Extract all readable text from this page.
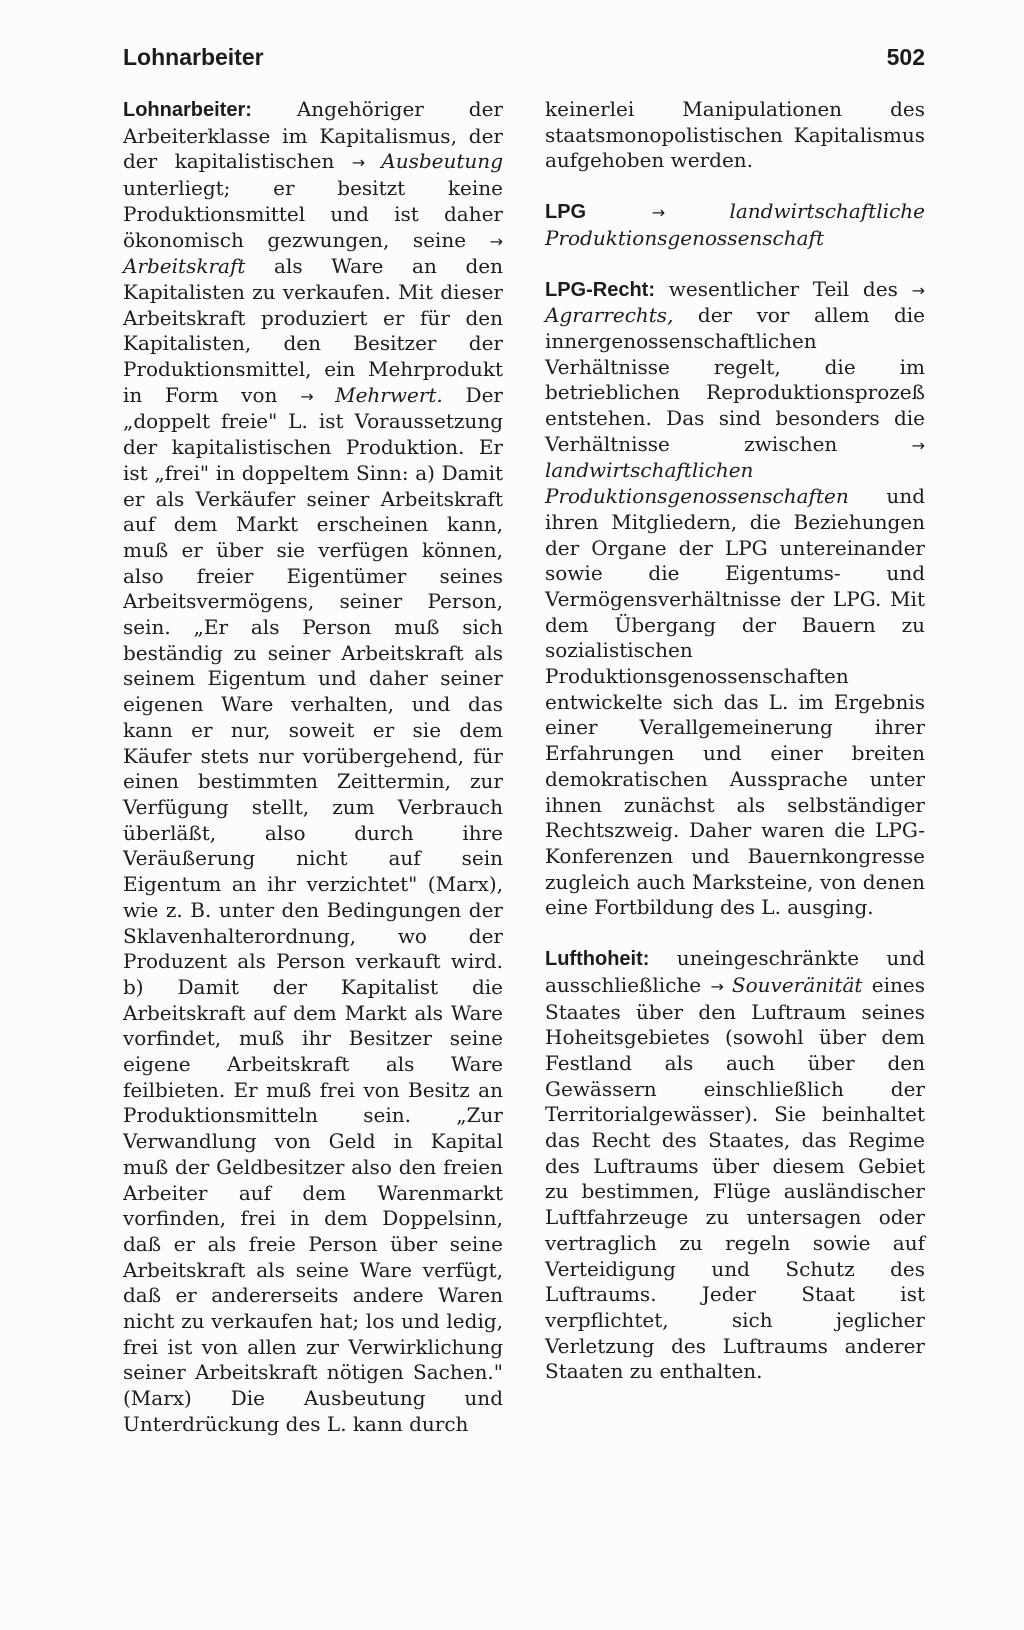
Lohnarbeiter	502

Lohnarbeiter: Angehöriger der Arbeiterklasse im Kapitalismus, der der kapitalistischen → Ausbeutung unterliegt; er besitzt keine Produktionsmittel und ist daher ökonomisch gezwungen, seine → Arbeitskraft als Ware an den Kapitalisten zu verkaufen. Mit dieser Arbeitskraft produziert er für den Kapitalisten, den Besitzer der Produktionsmittel, ein Mehrprodukt in Form von → Mehrwert. Der „doppelt freie" L. ist Voraussetzung der kapitalistischen Produktion. Er ist „frei" in doppeltem Sinn: a) Damit er als Verkäufer seiner Arbeitskraft auf dem Markt erscheinen kann, muß er über sie verfügen können, also freier Eigentümer seines Arbeitsvermögens, seiner Person, sein. „Er als Person muß sich beständig zu seiner Arbeitskraft als seinem Eigentum und daher seiner eigenen Ware verhalten, und das kann er nur, soweit er sie dem Käufer stets nur vorübergehend, für einen bestimmten Zeittermin, zur Verfügung stellt, zum Verbrauch überläßt, also durch ihre Veräußerung nicht auf sein Eigentum an ihr verzichtet" (Marx), wie z. B. unter den Bedingungen der Sklavenhalterordnung, wo der Produzent als Person verkauft wird. b) Damit der Kapitalist die Arbeitskraft auf dem Markt als Ware vorfindet, muß ihr Besitzer seine eigene Arbeitskraft als Ware feilbieten. Er muß frei von Besitz an Produktionsmitteln sein. „Zur Verwandlung von Geld in Kapital muß der Geldbesitzer also den freien Arbeiter auf dem Warenmarkt vorfinden, frei in dem Doppelsinn, daß er als freie Person über seine Arbeitskraft als seine Ware verfügt, daß er andererseits andere Waren nicht zu verkaufen hat; los und ledig, frei ist von allen zur Verwirklichung seiner Arbeitskraft nötigen Sachen." (Marx) Die Ausbeutung und Unterdrückung des L. kann durch

keinerlei Manipulationen des staatsmonopolistischen Kapitalismus aufgehoben werden.

LPG	→ landwirtschaftliche Produktionsgenossenschaft

LPG-Recht: wesentlicher Teil des → Agrarrechts, der vor allem die innergenossenschaftlichen Verhältnisse regelt, die im betrieblichen Reproduktionsprozeß entstehen. Das sind besonders die Verhältnisse zwischen → landwirtschaftlichen Produktionsgenossenschaften und ihren Mitgliedern, die Beziehungen der Organe der LPG untereinander sowie die Eigentums- und Vermögensverhältnisse der LPG. Mit dem Übergang der Bauern zu sozialistischen Produktionsgenossenschaften entwickelte sich das L. im Ergebnis einer Verallgemeinerung ihrer Erfahrungen und einer breiten demokratischen Aussprache unter ihnen zunächst als selbständiger Rechtszweig. Daher waren die LPG-Konferenzen und Bauernkongresse zugleich auch Marksteine, von denen eine Fortbildung des L. ausging.

Lufthoheit: uneingeschränkte und ausschließliche → Souveränität eines Staates über den Luftraum seines Hoheitsgebietes (sowohl über dem Festland als auch über den Gewässern einschließlich der Territorialgewässer). Sie beinhaltet das Recht des Staates, das Regime des Luftraums über diesem Gebiet zu bestimmen, Flüge ausländischer Luftfahrzeuge zu untersagen oder vertraglich zu regeln sowie auf Verteidigung und Schutz des Luftraums. Jeder Staat ist verpflichtet, sich jeglicher Verletzung des Luftraums anderer Staaten zu enthalten.
